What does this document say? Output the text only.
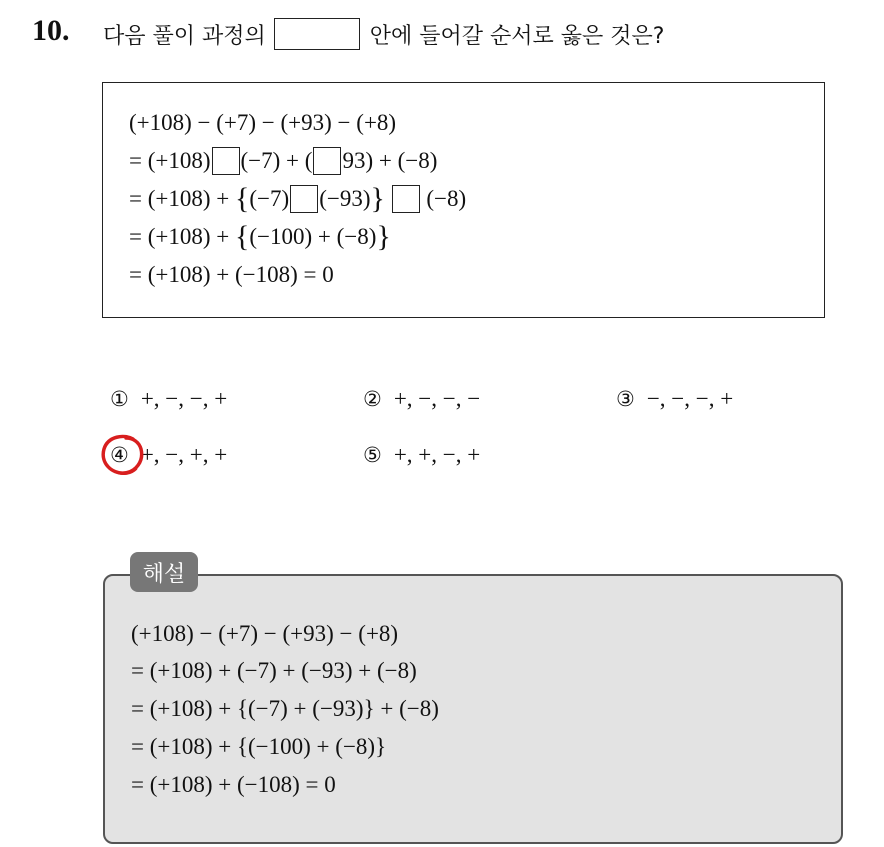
10. 다음 풀이 과정의	안에 들어갈 순서로 옳은 것은?
(+108) − (+7) − (+93) − (+8)
= (+108) (−7) + ( 93) + (−8)
= (+108) + {(−7) (−93)}  (−8)
= (+108) + {(−100) + (−8)}
= (+108) + (−108) = 0
① +, −, −, +	② +, −, −, −	③ −, −, −, +
④ +, −, +, +	⑤ +, +, −, +
(+108) − (+7) − (+93) − (+8)
= (+108) + (−7) + (−93) + (−8)
= (+108) + {(−7) + (−93)} + (−8)
= (+108) + {(−100) + (−8)}
= (+108) + (−108) = 0
해설
